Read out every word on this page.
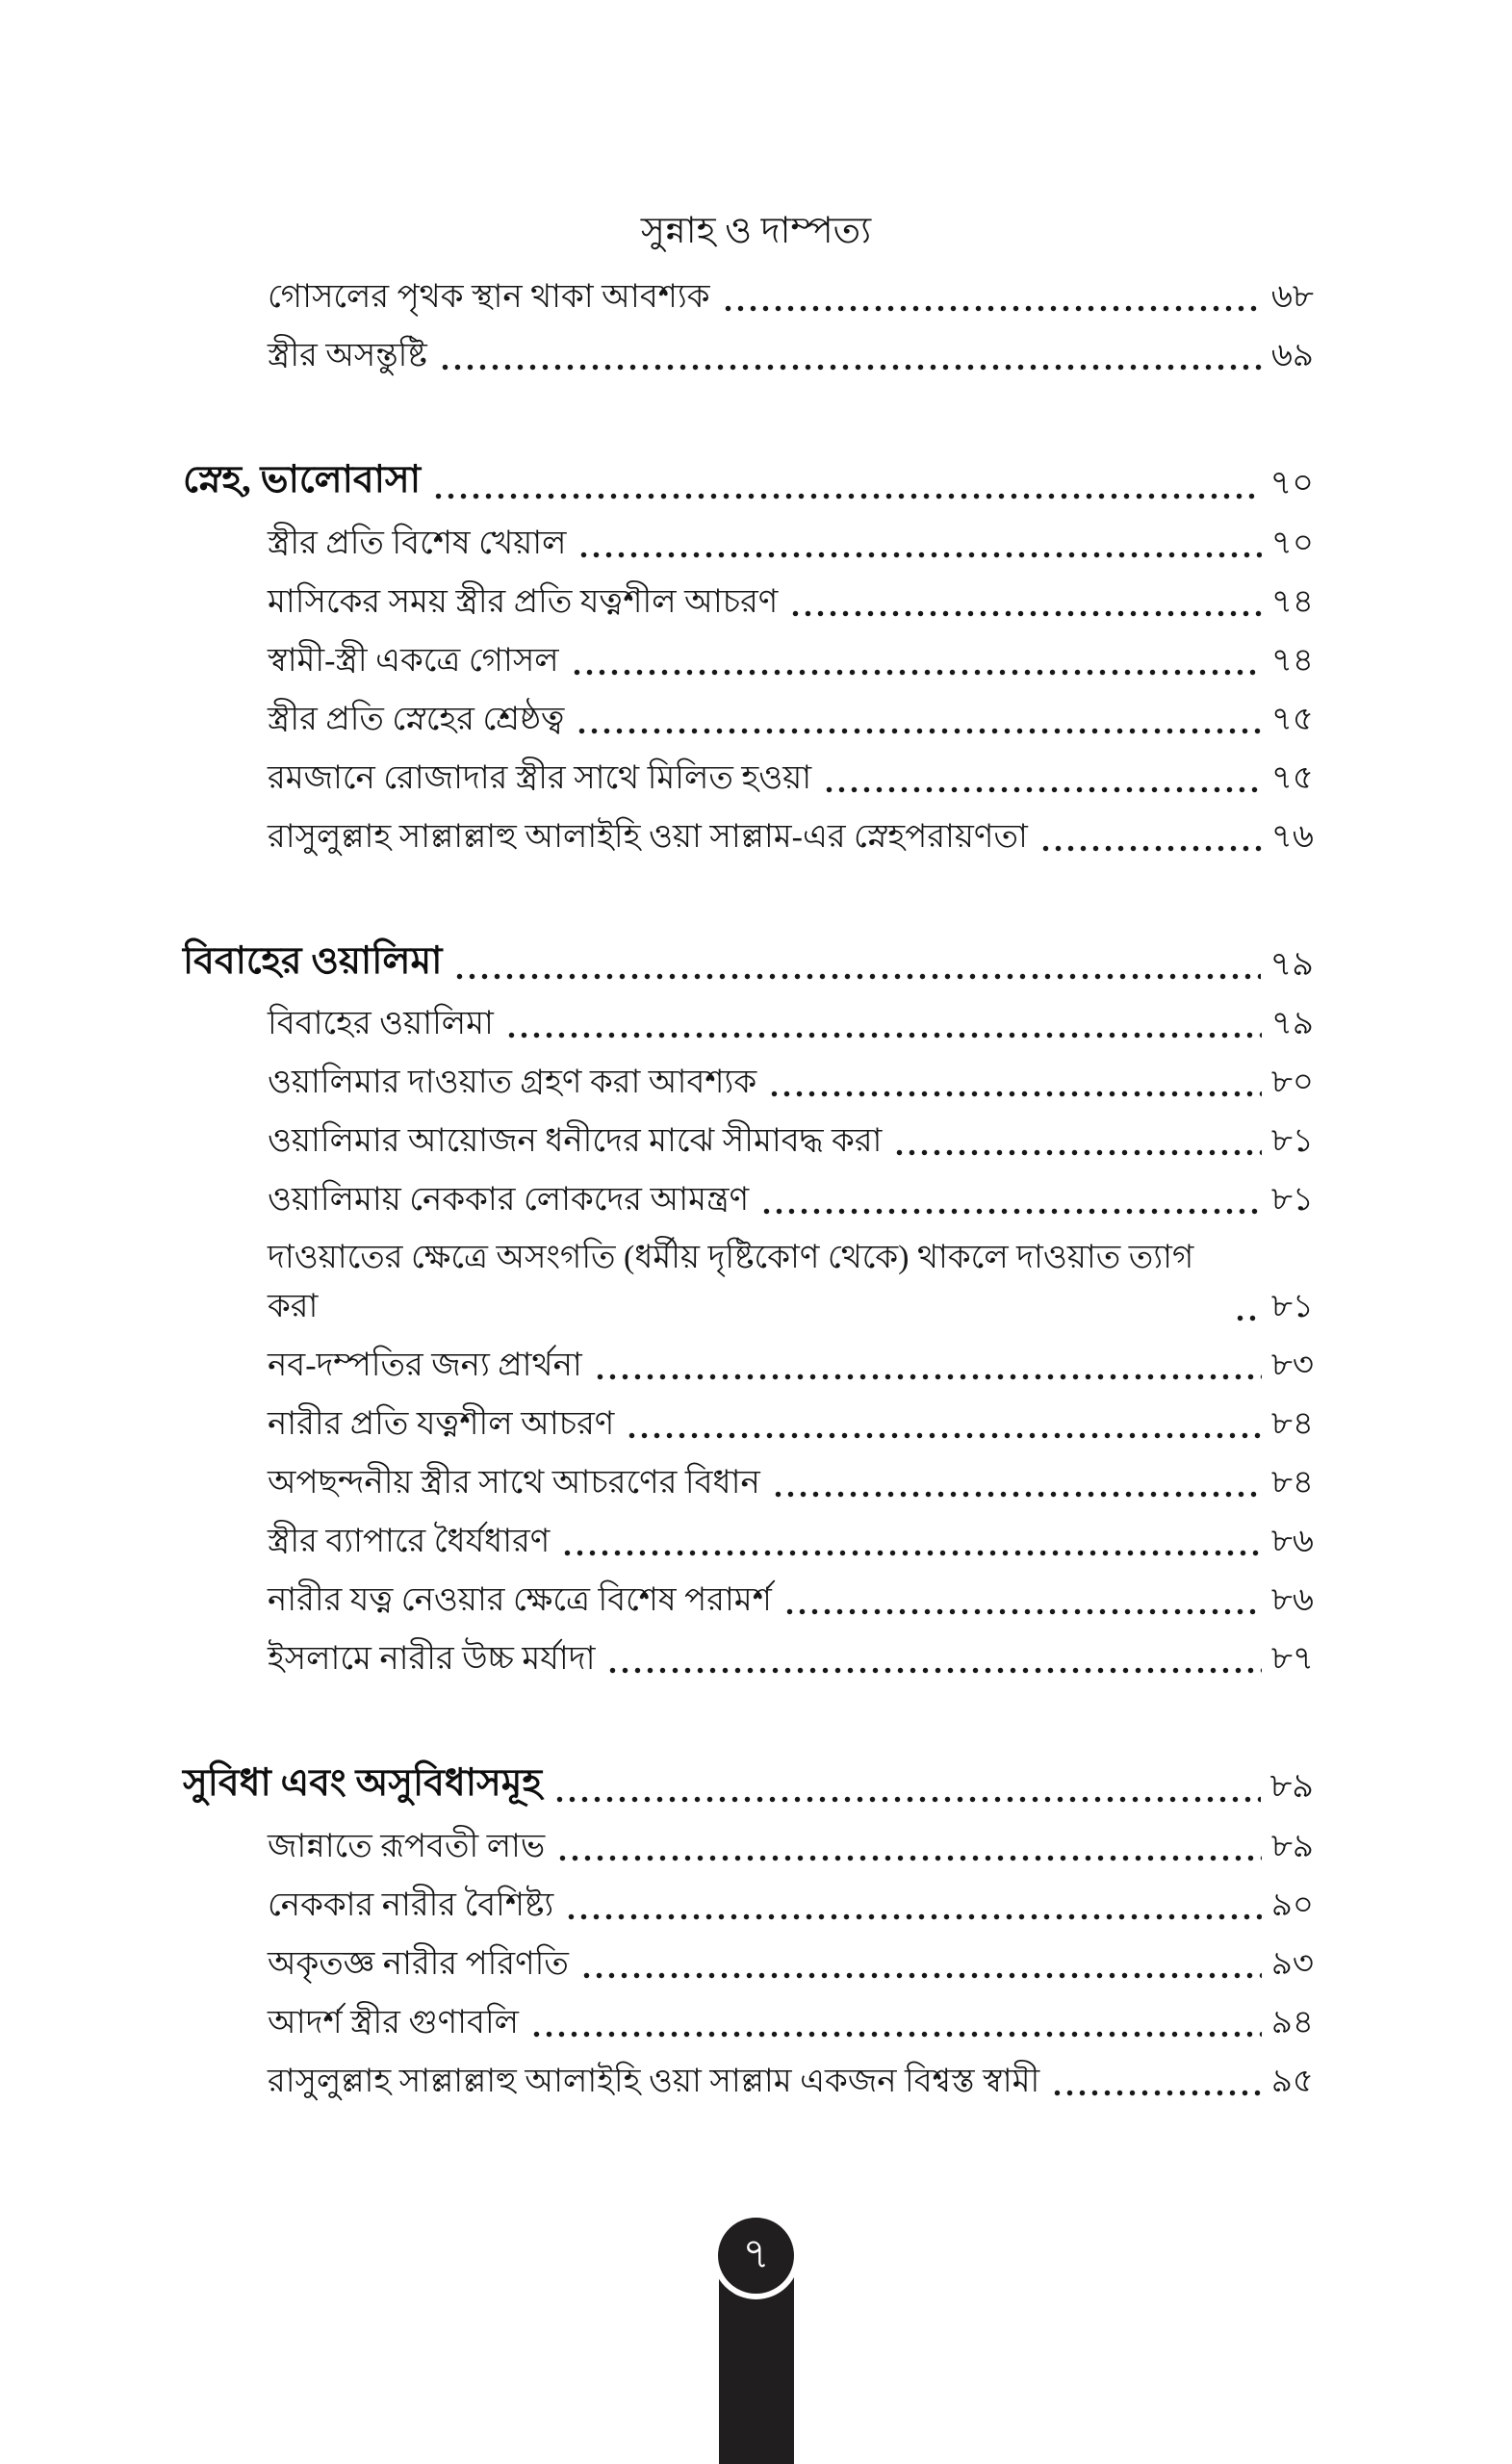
সুন্নাহ ও দাম্পত্য
গোসলের পৃথক স্থান থাকা আবশ্যক	৬৮
স্ত্রীর অসন্তুষ্টি	৬৯
স্নেহ, ভালোবাসা	৭০
স্ত্রীর প্রতি বিশেষ খেয়াল	৭০
মাসিকের সময় স্ত্রীর প্রতি যত্নশীল আচরণ	৭৪
স্বামী-স্ত্রী একত্রে গোসল	৭৪
স্ত্রীর প্রতি স্নেহের শ্রেষ্ঠত্ব	৭৫
রমজানে রোজাদার স্ত্রীর সাথে মিলিত হওয়া	৭৫
রাসুলুল্লাহ সাল্লাল্লাহু আলাইহি ওয়া সাল্লাম-এর স্নেহপরায়ণতা	৭৬
বিবাহের ওয়ালিমা	৭৯
বিবাহের ওয়ালিমা	৭৯
ওয়ালিমার দাওয়াত গ্রহণ করা আবশ্যক	৮০
ওয়ালিমার আয়োজন ধনীদের মাঝে সীমাবদ্ধ করা	৮১
ওয়ালিমায় নেককার লোকদের আমন্ত্রণ	৮১
দাওয়াতের ক্ষেত্রে অসংগতি (ধর্মীয় দৃষ্টিকোণ থেকে) থাকলে দাওয়াত ত্যাগ করা	৮১
নব-দম্পতির জন্য প্রার্থনা	৮৩
নারীর প্রতি যত্নশীল আচরণ	৮৪
অপছন্দনীয় স্ত্রীর সাথে আচরণের বিধান	৮৪
স্ত্রীর ব্যাপারে ধৈর্যধারণ	৮৬
নারীর যত্ন নেওয়ার ক্ষেত্রে বিশেষ পরামর্শ	৮৬
ইসলামে নারীর উচ্চ মর্যাদা	৮৭
সুবিধা এবং অসুবিধাসমূহ	৮৯
জান্নাতে রূপবতী লাভ	৮৯
নেককার নারীর বৈশিষ্ট্য	৯০
অকৃতজ্ঞ নারীর পরিণতি	৯৩
আদর্শ স্ত্রীর গুণাবলি	৯৪
রাসুলুল্লাহ সাল্লাল্লাহু আলাইহি ওয়া সাল্লাম একজন বিশ্বস্ত স্বামী	৯৫
৭
